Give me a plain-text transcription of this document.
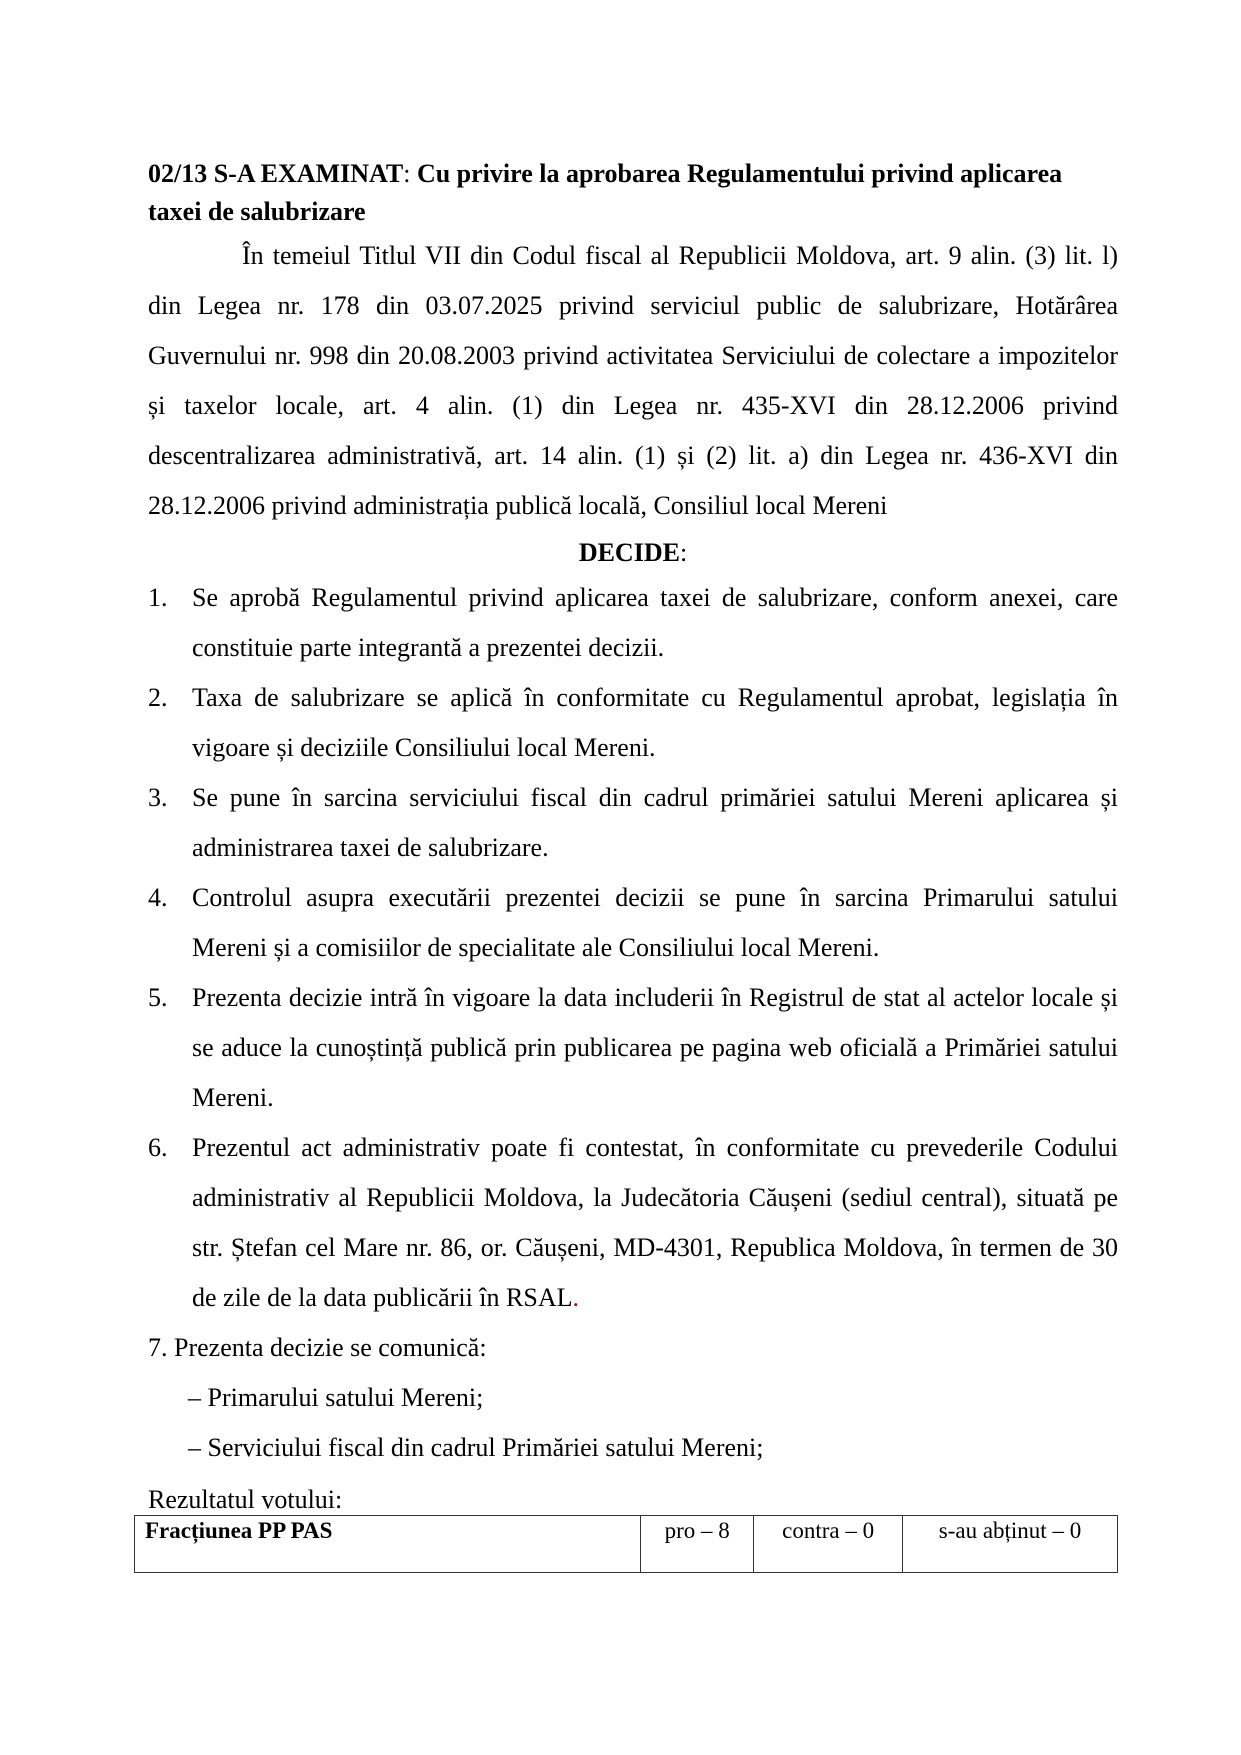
02/13 S-A EXAMINAT: Cu privire la aprobarea Regulamentului privind aplicarea taxei de salubrizare

În temeiul Titlul VII din Codul fiscal al Republicii Moldova, art. 9 alin. (3) lit. l) din Legea nr. 178 din 03.07.2025 privind serviciul public de salubrizare, Hotărârea Guvernului nr. 998 din 20.08.2003 privind activitatea Serviciului de colectare a impozitelor și taxelor locale, art. 4 alin. (1) din Legea nr. 435-XVI din 28.12.2006 privind descentralizarea administrativă, art. 14 alin. (1) și (2) lit. a) din Legea nr. 436-XVI din 28.12.2006 privind administrația publică locală, Consiliul local Mereni

DECIDE:

1. Se aprobă Regulamentul privind aplicarea taxei de salubrizare, conform anexei, care constituie parte integrantă a prezentei decizii.
2. Taxa de salubrizare se aplică în conformitate cu Regulamentul aprobat, legislația în vigoare și deciziile Consiliului local Mereni.
3. Se pune în sarcina serviciului fiscal din cadrul primăriei satului Mereni aplicarea și administrarea taxei de salubrizare.
4. Controlul asupra executării prezentei decizii se pune în sarcina Primarului satului Mereni și a comisiilor de specialitate ale Consiliului local Mereni.
5. Prezenta decizie intră în vigoare la data includerii în Registrul de stat al actelor locale și se aduce la cunoștință publică prin publicarea pe pagina web oficială a Primăriei satului Mereni.
6. Prezentul act administrativ poate fi contestat, în conformitate cu prevederile Codului administrativ al Republicii Moldova, la Judecătoria Căușeni (sediul central), situată pe str. Ștefan cel Mare nr. 86, or. Căușeni, MD-4301, Republica Moldova, în termen de 30 de zile de la data publicării în RSAL.

7. Prezenta decizie se comunică:

– Primarului satului Mereni;

– Serviciului fiscal din cadrul Primăriei satului Mereni;

Rezultatul votului:

Fracțiunea PP PAS	pro – 8	contra – 0	s-au abținut – 0
